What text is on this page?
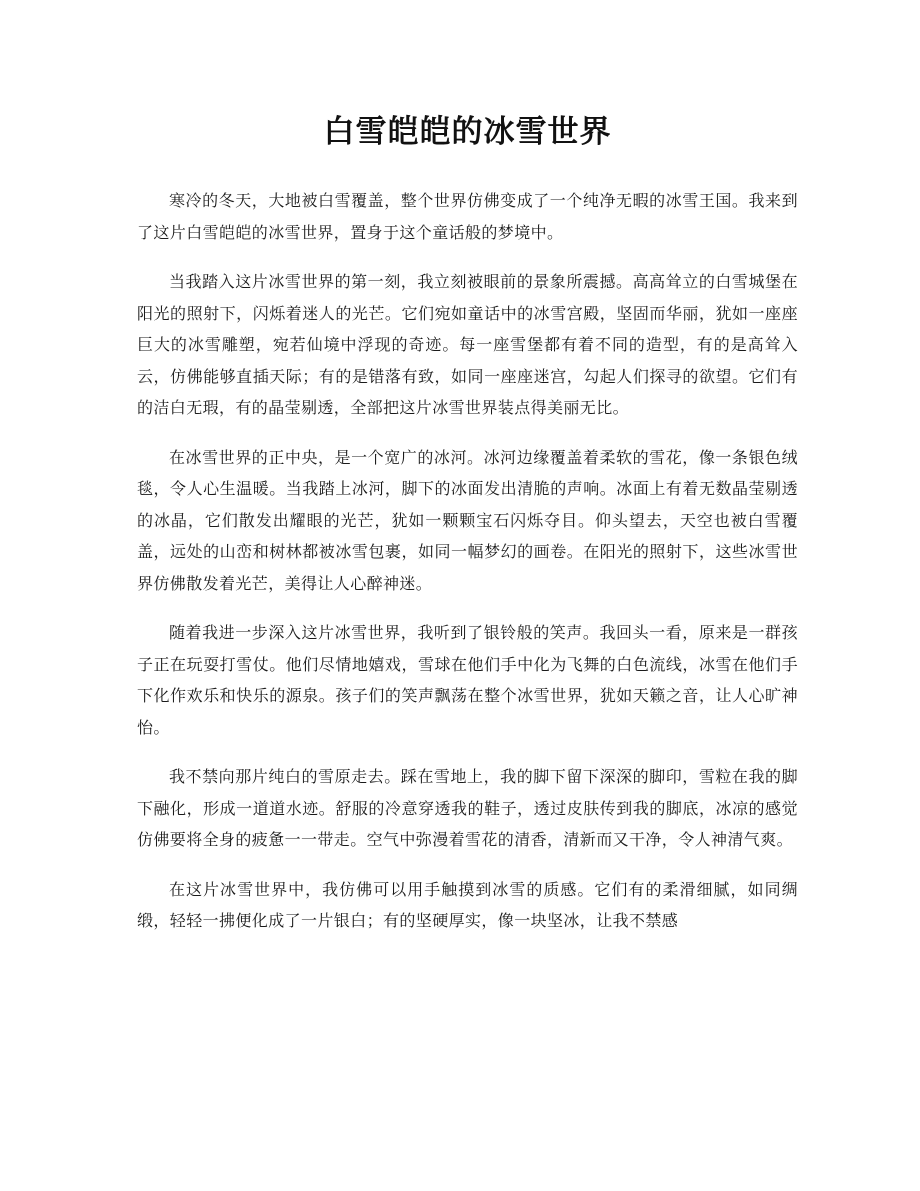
白雪皑皑的冰雪世界

寒冷的冬天，大地被白雪覆盖，整个世界仿佛变成了一个纯净无暇的冰雪王国。我来到了这片白雪皑皑的冰雪世界，置身于这个童话般的梦境中。

当我踏入这片冰雪世界的第一刻，我立刻被眼前的景象所震撼。高高耸立的白雪城堡在阳光的照射下，闪烁着迷人的光芒。它们宛如童话中的冰雪宫殿，坚固而华丽，犹如一座座巨大的冰雪雕塑，宛若仙境中浮现的奇迹。每一座雪堡都有着不同的造型，有的是高耸入云，仿佛能够直插天际；有的是错落有致，如同一座座迷宫，勾起人们探寻的欲望。它们有的洁白无瑕，有的晶莹剔透，全部把这片冰雪世界装点得美丽无比。

在冰雪世界的正中央，是一个宽广的冰河。冰河边缘覆盖着柔软的雪花，像一条银色绒毯，令人心生温暖。当我踏上冰河，脚下的冰面发出清脆的声响。冰面上有着无数晶莹剔透的冰晶，它们散发出耀眼的光芒，犹如一颗颗宝石闪烁夺目。仰头望去，天空也被白雪覆盖，远处的山峦和树林都被冰雪包裹，如同一幅梦幻的画卷。在阳光的照射下，这些冰雪世界仿佛散发着光芒，美得让人心醉神迷。

随着我进一步深入这片冰雪世界，我听到了银铃般的笑声。我回头一看，原来是一群孩子正在玩耍打雪仗。他们尽情地嬉戏，雪球在他们手中化为飞舞的白色流线，冰雪在他们手下化作欢乐和快乐的源泉。孩子们的笑声飘荡在整个冰雪世界，犹如天籁之音，让人心旷神怡。

我不禁向那片纯白的雪原走去。踩在雪地上，我的脚下留下深深的脚印，雪粒在我的脚下融化，形成一道道水迹。舒服的冷意穿透我的鞋子，透过皮肤传到我的脚底，冰凉的感觉仿佛要将全身的疲惫一一带走。空气中弥漫着雪花的清香，清新而又干净，令人神清气爽。

在这片冰雪世界中，我仿佛可以用手触摸到冰雪的质感。它们有的柔滑细腻，如同绸缎，轻轻一拂便化成了一片银白；有的坚硬厚实，像一块坚冰，让我不禁感
